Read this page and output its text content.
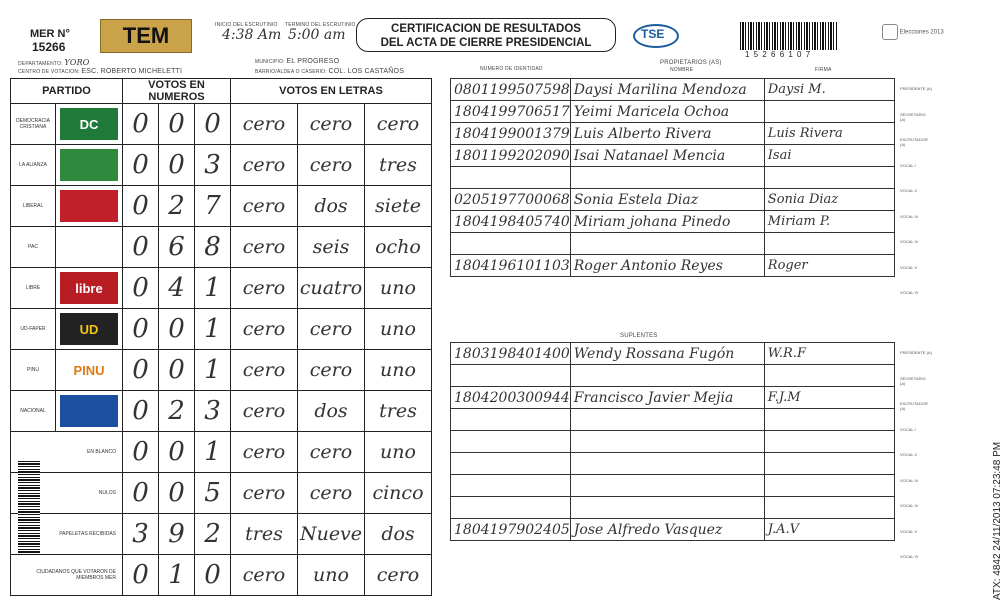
MER N°
15266	TEM
DEPARTAMENTO: YORO
CENTRO DE VOTACION: ESC. ROBERTO MICHELETTI
INICIO DEL ESCRUTINIO TERMINO DEL ESCRUTINIO
4:38 Am 5:00 am
MUNICIPIO: EL PROGRESO
BARRIO/ALDEA O CASERIO: COL. LOS CASTAÑOS
CERTIFICACION DE RESULTADOS
DEL ACTA DE CIERRE PRESIDENCIAL
TSE
1 5 2 6 6 1 0 7
Elecciones 2013
PARTIDO		VOTOS EN NUMEROS			VOTOS EN LETRAS		
DEMOCRACIA CRISTIANA	DC	0	0	0	cero	cero	cero
LA ALIANZA		0	0	3	cero	cero	tres
LIBERAL		0	2	7	cero	dos	siete
PAC		0	6	8	cero	seis	ocho
LIBRE	libre	0	4	1	cero	cuatro	uno
UD-FAPER	UD	0	0	1	cero	cero	uno
PINU	PINU	0	0	1	cero	cero	uno
NACIONAL		0	2	3	cero	dos	tres
EN BLANCO		0	0	1	cero	cero	uno
NULOS		0	0	5	cero	cero	cinco
PAPELETAS RECIBIDAS		3	9	2	tres	Nueve	dos
CIUDADANOS QUE VOTARON DE MIEMBROS MER		0	1	0	cero	uno	cero
NUMERO DE IDENTIDAD
PROPIETARIOS (AS)
NOMBRE	FIRMA
0801199507598	Daysi Marilina Mendoza	Daysi M.
1804199706517	Yeimi Maricela Ochoa	
1804199001379	Luis Alberto Rivera	Luis Rivera
1801199202090	Isai Natanael Mencia	Isai

0205197700068	Sonia Estela Diaz	Sonia Diaz
1804198405740	Miriam johana Pinedo	Miriam P.

1804196101103	Roger Antonio Reyes	Roger
SUPLENTES
1803198401400	Wendy Rossana Fugón	W.R.F

1804200300944	Francisco Javier Mejia	F.J.M

1804197902405	Jose Alfredo Vasquez	J.A.V
PRESIDENTE (A)
SECRETARIO (A)
ESCRUTADOR (A)
VOCAL I
VOCAL II
VOCAL III
VOCAL IV
VOCAL V
VOCAL VI
PRESIDENTE (A)
SECRETARIO (A)
ESCRUTADOR (A)
VOCAL I
VOCAL II
VOCAL III
VOCAL IV
VOCAL V
VOCAL VI	ATX: 4842 24/11/2013 07:23:48 PM
